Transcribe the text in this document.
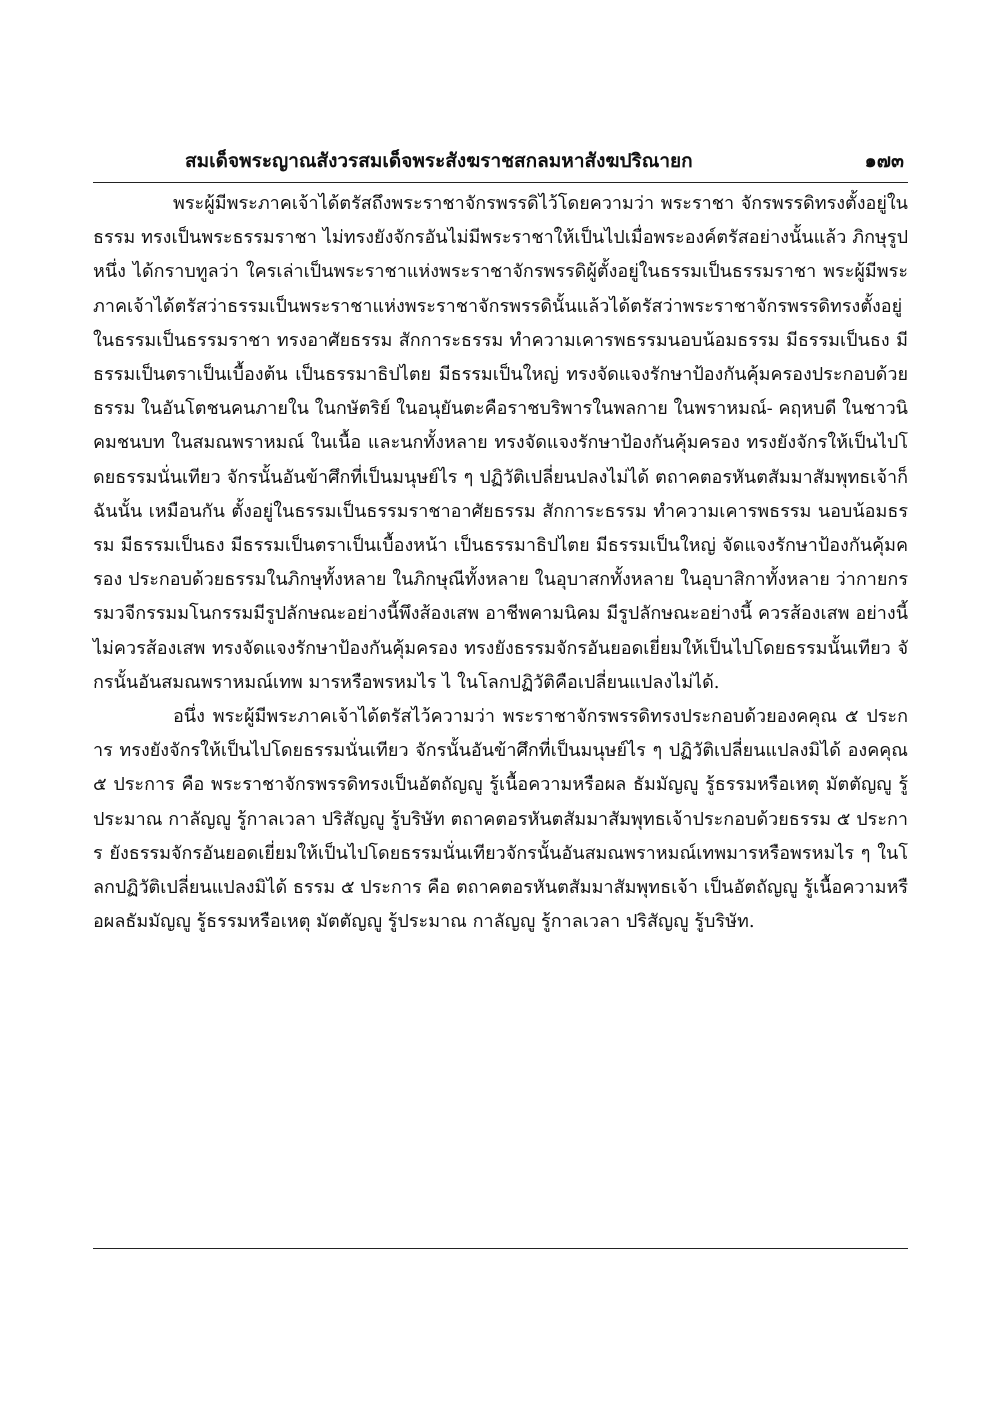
สมเด็จพระญาณสังวรสมเด็จพระสังฆราชสกลมหาสังฆปริณายก	๑๗๓

พระผู้มีพระภาคเจ้าได้ตรัสถึงพระราชาจักรพรรดิไว้โดยความว่า พระราชา จักรพรรดิทรงตั้งอยู่ในธรรม ทรงเป็นพระธรรมราชา ไม่ทรงยังจักรอันไม่มีพระราชาให้เป็นไปเมื่อพระองค์ตรัสอย่างนั้นแล้ว ภิกษุรูปหนึ่ง ได้กราบทูลว่า ใครเล่าเป็นพระราชาแห่งพระราชาจักรพรรดิผู้ตั้งอยู่ในธรรมเป็นธรรมราชา พระผู้มีพระภาคเจ้าได้ตรัสว่าธรรมเป็นพระราชาแห่งพระราชาจักรพรรดินั้นแล้วได้ตรัสว่าพระราชาจักรพรรดิทรงตั้งอยู่ในธรรมเป็นธรรมราชา ทรงอาศัยธรรม สักการะธรรม ทำความเคารพธรรมนอบน้อมธรรม มีธรรมเป็นธง มีธรรมเป็นตราเป็นเบื้องต้น เป็นธรรมาธิปไตย มีธรรมเป็นใหญ่ ทรงจัดแจงรักษาป้องกันคุ้มครองประกอบด้วยธรรม ในอันโตชนคนภายใน ในกษัตริย์ ในอนุยันตะคือราชบริพารในพลกาย ในพราหมณ์- คฤหบดี ในชาวนิคมชนบท ในสมณพราหมณ์ ในเนื้อ และนกทั้งหลาย ทรงจัดแจงรักษาป้องกันคุ้มครอง ทรงยังจักรให้เป็นไปโดยธรรมนั่นเทียว จักรนั้นอันข้าศึกที่เป็นมนุษย์ไร ๆ ปฏิวัติเปลี่ยนปลงไม่ได้ ตถาคตอรหันตสัมมาสัมพุทธเจ้าก็ฉันนั้น เหมือนกัน ตั้งอยู่ในธรรมเป็นธรรมราชาอาศัยธรรม สักการะธรรม ทำความเคารพธรรม นอบน้อมธรรม มีธรรมเป็นธง มีธรรมเป็นตราเป็นเบื้องหน้า เป็นธรรมาธิปไตย มีธรรมเป็นใหญ่ จัดแจงรักษาป้องกันคุ้มครอง ประกอบด้วยธรรมในภิกษุทั้งหลาย ในภิกษุณีทั้งหลาย ในอุบาสกทั้งหลาย ในอุบาสิกาทั้งหลาย ว่ากายกรรมวจีกรรมมโนกรรมมีรูปลักษณะอย่างนี้พึงส้องเสพ อาชีพคามนิคม มีรูปลักษณะอย่างนี้ ควรส้องเสพ อย่างนี้ไม่ควรส้องเสพ ทรงจัดแจงรักษาป้องกันคุ้มครอง ทรงยังธรรมจักรอันยอดเยี่ยมให้เป็นไปโดยธรรมนั้นเทียว จักรนั้นอันสมณพราหมณ์เทพ มารหรือพรหมไร ไ ในโลกปฏิวัติคือเปลี่ยนแปลงไม่ได้.

อนึ่ง พระผู้มีพระภาคเจ้าได้ตรัสไว้ความว่า พระราชาจักรพรรดิทรงประกอบด้วยองคคุณ ๕ ประการ ทรงยังจักรให้เป็นไปโดยธรรมนั่นเทียว จักรนั้นอันข้าศึกที่เป็นมนุษย์ไร ๆ ปฏิวัติเปลี่ยนแปลงมิได้ องคคุณ ๕ ประการ คือ พระราชาจักรพรรดิทรงเป็นอัตถัญญู รู้เนื้อความหรือผล ธัมมัญญู รู้ธรรมหรือเหตุ มัตตัญญู รู้ประมาณ กาลัญญู รู้กาลเวลา ปริสัญญู รู้บริษัท ตถาคตอรหันตสัมมาสัมพุทธเจ้าประกอบด้วยธรรม ๕ ประการ ยังธรรมจักรอันยอดเยี่ยมให้เป็นไปโดยธรรมนั่นเทียวจักรนั้นอันสมณพราหมณ์เทพมารหรือพรหมไร ๆ ในโลกปฏิวัติเปลี่ยนแปลงมิได้ ธรรม ๕ ประการ คือ ตถาคตอรหันตสัมมาสัมพุทธเจ้า เป็นอัตถัญญู รู้เนื้อความหรือผลธัมมัญญู รู้ธรรมหรือเหตุ มัตตัญญู รู้ประมาณ กาลัญญู รู้กาลเวลา ปริสัญญู รู้บริษัท.
